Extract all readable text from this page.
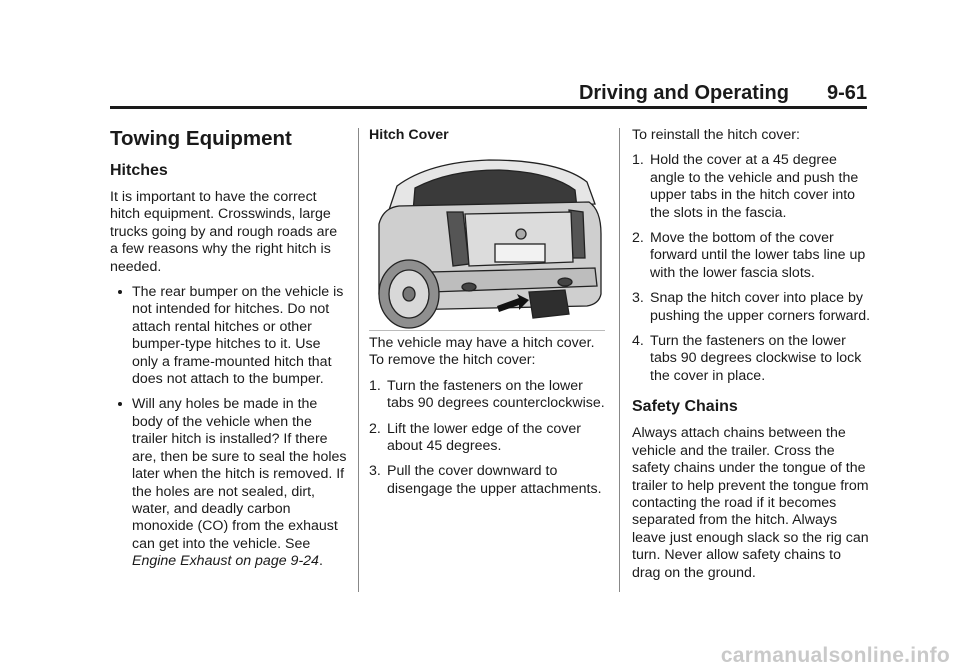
Driving and Operating 9-61
Towing Equipment
Hitches

It is important to have the correct hitch equipment. Crosswinds, large trucks going by and rough roads are a few reasons why the right hitch is needed.

The rear bumper on the vehicle is not intended for hitches. Do not attach rental hitches or other bumper-type hitches to it. Use only a frame-mounted hitch that does not attach to the bumper.
Will any holes be made in the body of the vehicle when the trailer hitch is installed? If there are, then be sure to seal the holes later when the hitch is removed. If the holes are not sealed, dirt, water, and deadly carbon monoxide (CO) from the exhaust can get into the vehicle. See Engine Exhaust on page 9-24.
Hitch Cover

The vehicle may have a hitch cover. To remove the hitch cover:

1. Turn the fasteners on the lower tabs 90 degrees counterclockwise.
2. Lift the lower edge of the cover about 45 degrees.
3. Pull the cover downward to disengage the upper attachments.

To reinstall the hitch cover:

1. Hold the cover at a 45 degree angle to the vehicle and push the upper tabs in the hitch cover into the slots in the fascia.
2. Move the bottom of the cover forward until the lower tabs line up with the lower fascia slots.
3. Snap the hitch cover into place by pushing the upper corners forward.
4. Turn the fasteners on the lower tabs 90 degrees clockwise to lock the cover in place.
Safety Chains

Always attach chains between the vehicle and the trailer. Cross the safety chains under the tongue of the trailer to help prevent the tongue from contacting the road if it becomes separated from the hitch. Always leave just enough slack so the rig can turn. Never allow safety chains to drag on the ground.

carmanualsonline.info
